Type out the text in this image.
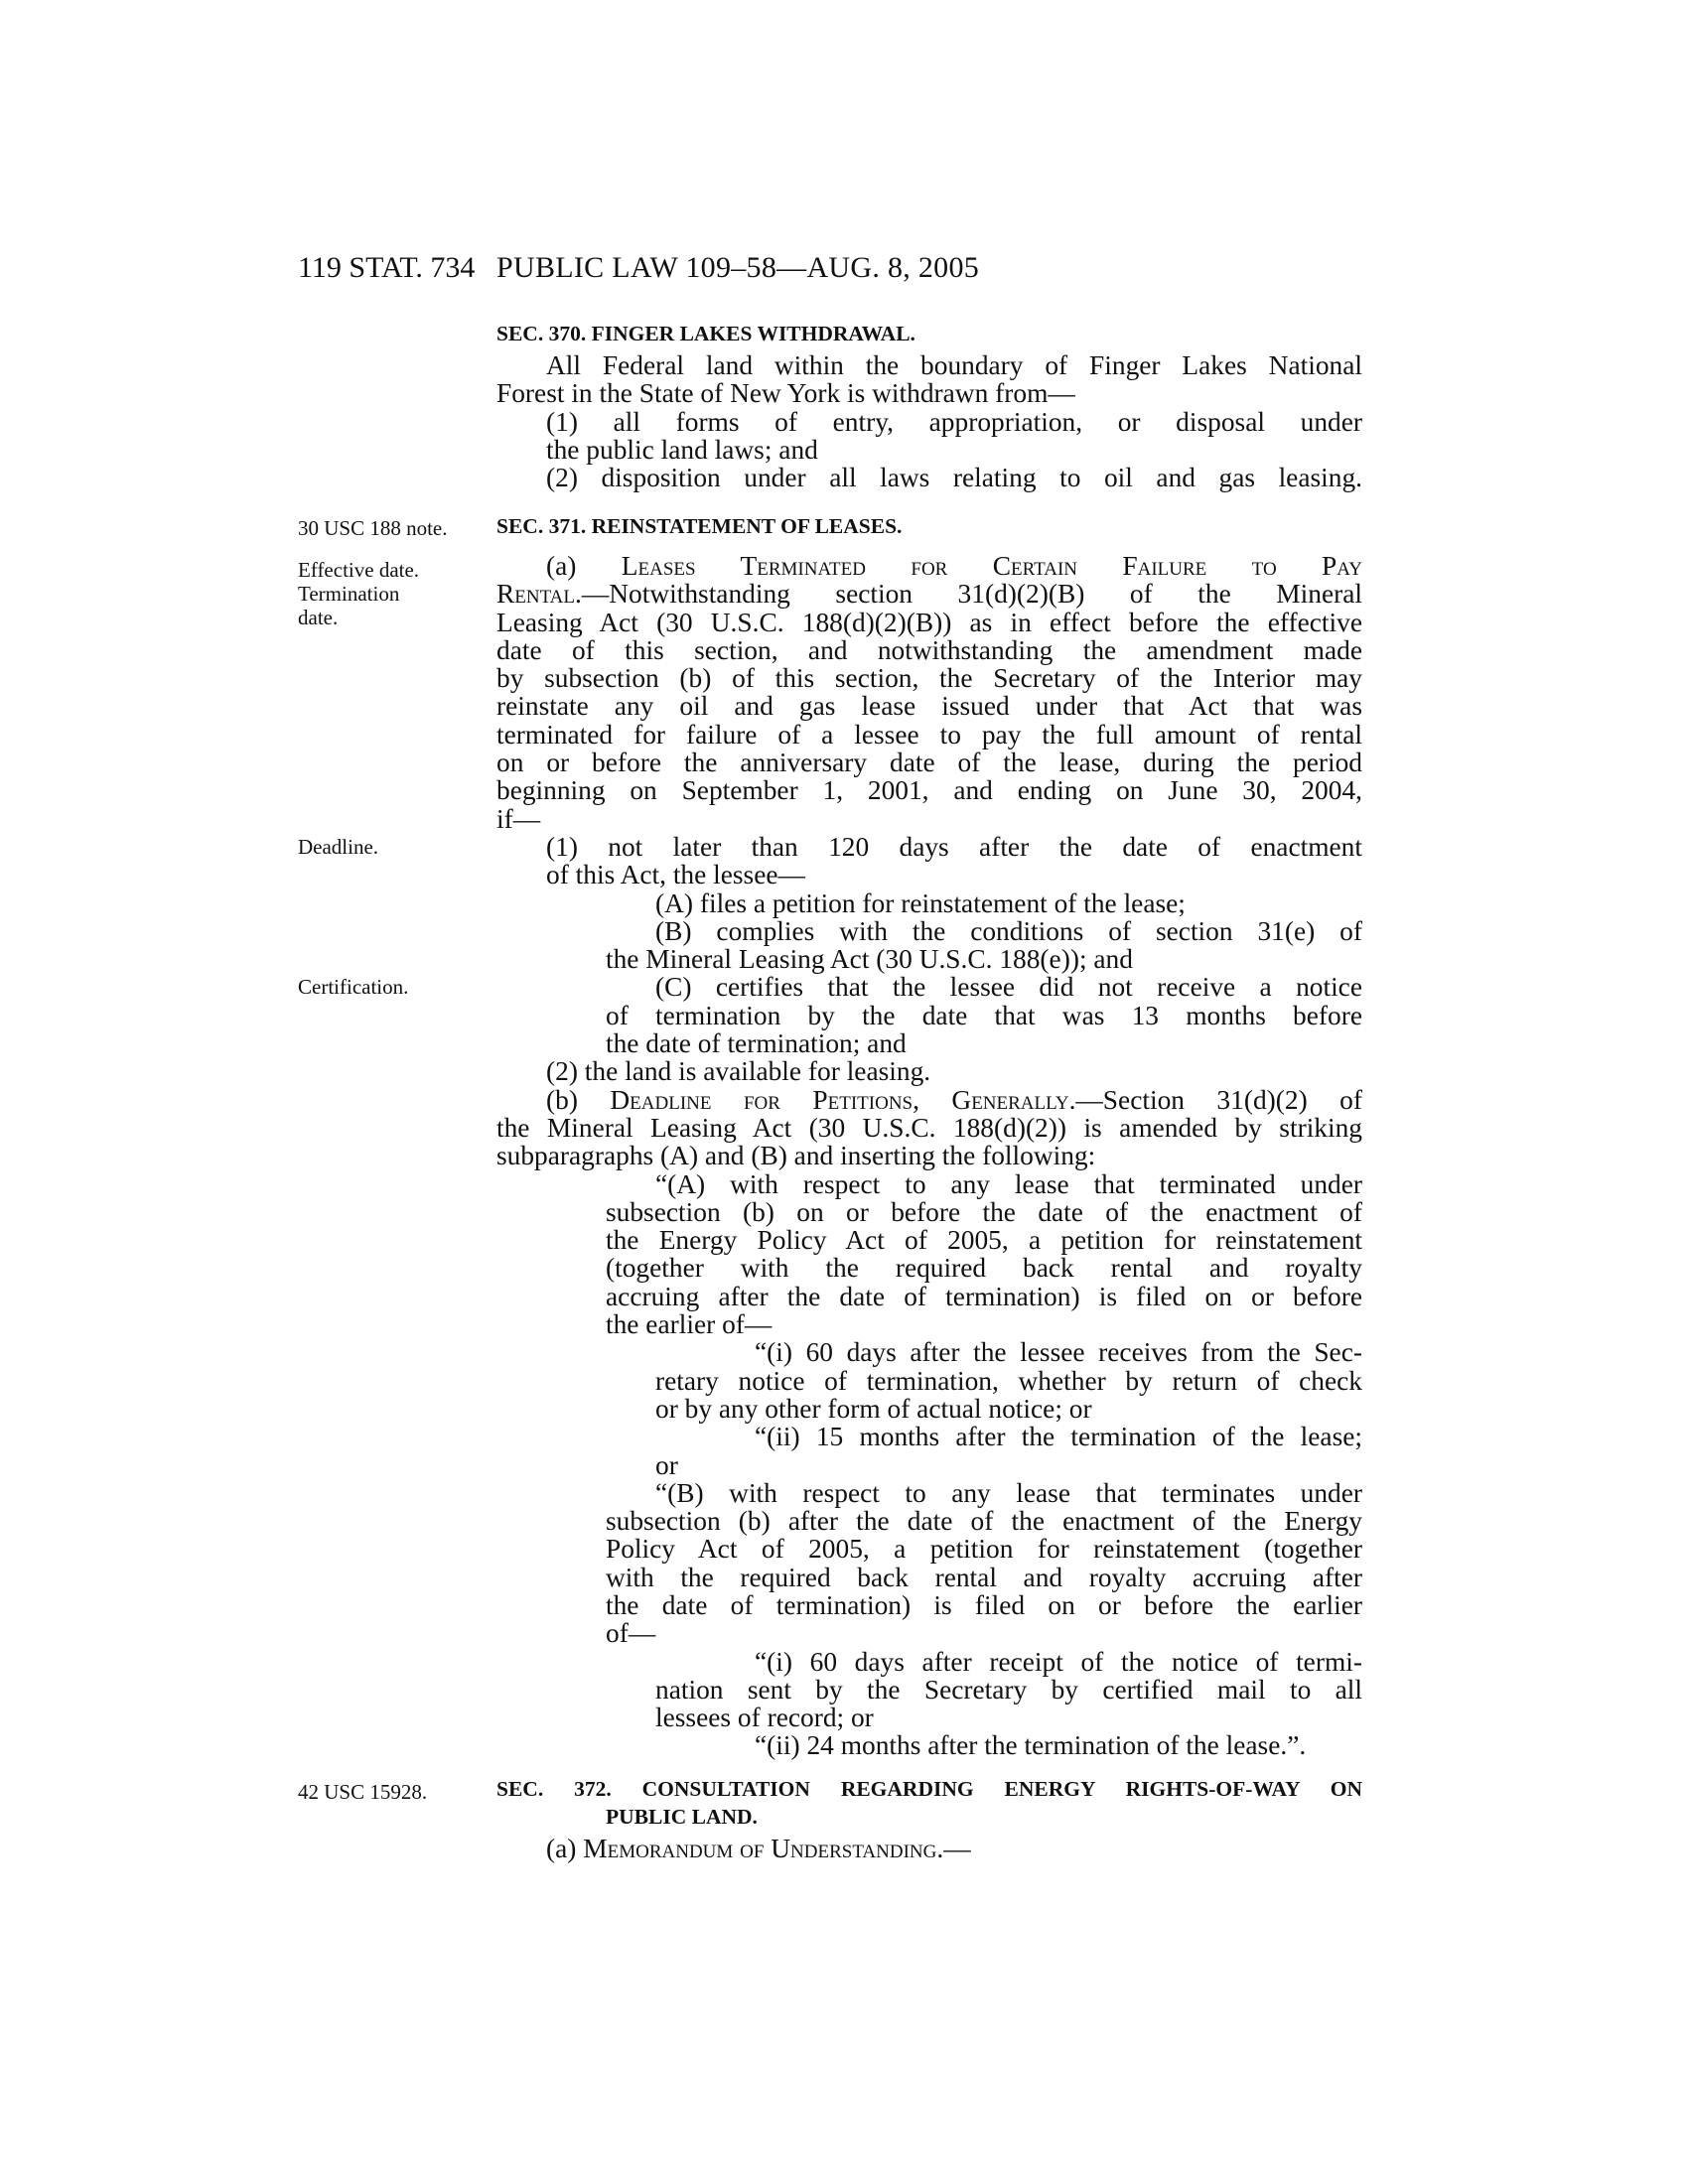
119 STAT. 734 PUBLIC LAW 109–58—AUG. 8, 2005
SEC. 370. FINGER LAKES WITHDRAWAL.
All Federal land within the boundary of Finger Lakes National
Forest in the State of New York is withdrawn from—
(1) all forms of entry, appropriation, or disposal under
the public land laws; and
(2) disposition under all laws relating to oil and gas leasing.
30 USC 188 note.	SEC. 371. REINSTATEMENT OF LEASES.
Effective date.
Termination
date.
(a) Leases Terminated for Certain Failure to Pay
Rental.—Notwithstanding section 31(d)(2)(B) of the Mineral
Leasing Act (30 U.S.C. 188(d)(2)(B)) as in effect before the effective
date of this section, and notwithstanding the amendment made
by subsection (b) of this section, the Secretary of the Interior may
reinstate any oil and gas lease issued under that Act that was
terminated for failure of a lessee to pay the full amount of rental
on or before the anniversary date of the lease, during the period
beginning on September 1, 2001, and ending on June 30, 2004,
if—
(1) not later than 120 days after the date of enactment
of this Act, the lessee—
(A) files a petition for reinstatement of the lease;
(B) complies with the conditions of section 31(e) of
the Mineral Leasing Act (30 U.S.C. 188(e)); and
(C) certifies that the lessee did not receive a notice
of termination by the date that was 13 months before
the date of termination; and
(2) the land is available for leasing.
(b) Deadline for Petitions, Generally.—Section 31(d)(2) of
the Mineral Leasing Act (30 U.S.C. 188(d)(2)) is amended by striking
subparagraphs (A) and (B) and inserting the following:
“(A) with respect to any lease that terminated under
subsection (b) on or before the date of the enactment of
the Energy Policy Act of 2005, a petition for reinstatement
(together with the required back rental and royalty
accruing after the date of termination) is filed on or before
the earlier of—
“(i) 60 days after the lessee receives from the Sec-
retary notice of termination, whether by return of check
or by any other form of actual notice; or
“(ii) 15 months after the termination of the lease;
or
“(B) with respect to any lease that terminates under
subsection (b) after the date of the enactment of the Energy
Policy Act of 2005, a petition for reinstatement (together
with the required back rental and royalty accruing after
the date of termination) is filed on or before the earlier
of—
“(i) 60 days after receipt of the notice of termi-
nation sent by the Secretary by certified mail to all
lessees of record; or
“(ii) 24 months after the termination of the lease.”.
Deadline.
Certification.
42 USC 15928.	SEC. 372. CONSULTATION REGARDING ENERGY RIGHTS-OF-WAY ON
PUBLIC LAND.
(a) Memorandum of Understanding.—
